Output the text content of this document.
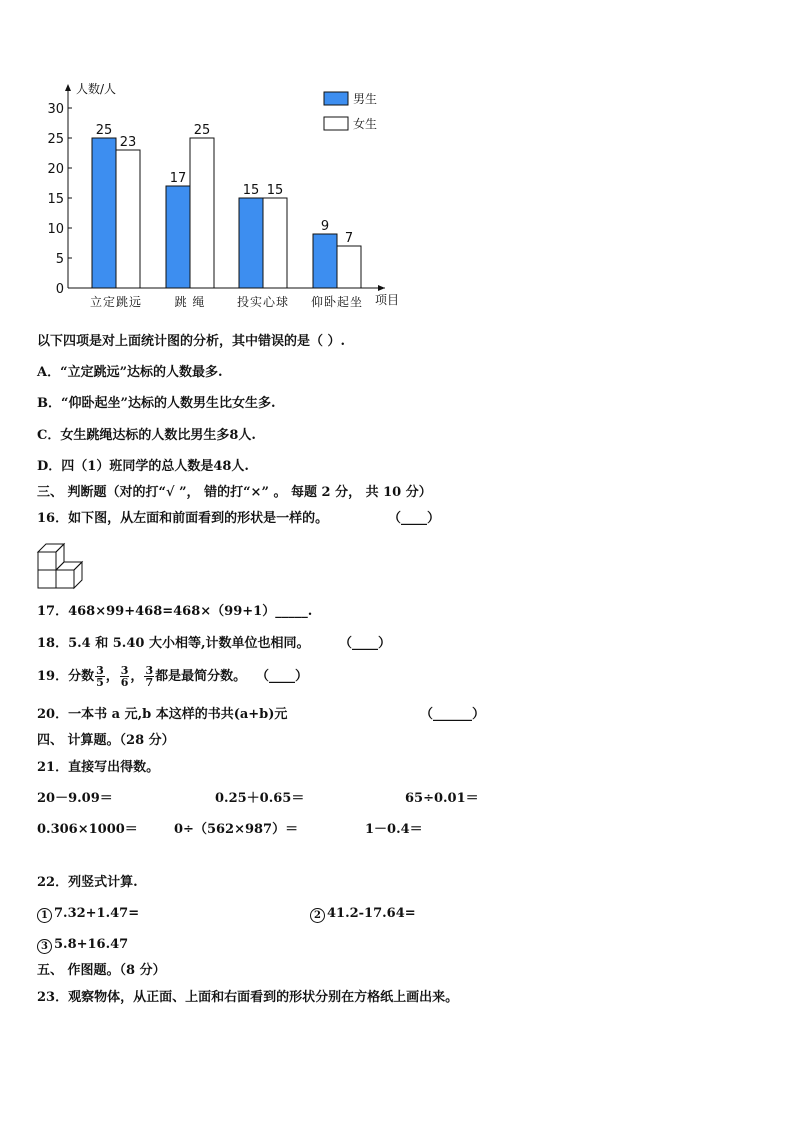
0
5
10
15
20
25
30
人数/人
项目
25
23
立定跳远
17
25
跳 绳
15 15
投实心球
9
7
仰卧起坐
男生
女生
以下四项是对上面统计图的分析，其中错误的是（ ）.
A．“立定跳远”达标的人数最多.
B．“仰卧起坐”达标的人数男生比女生多.
C．女生跳绳达标的人数比男生多8人.
D．四（1）班同学的总人数是48人.
三、 判断题（对的打“√ ”， 错的打“×” 。 每题 2 分， 共 10 分）
16．如下图，从左面和前面看到的形状是一样的。	（____）
17．468×99+468=468×（99+1）_____.
18．5.4 和 5.40 大小相等,计数单位也相同。 （____）
19．分数 $\frac{3}{5}$ ， $\frac{3}{6}$ ， $\frac{3}{7}$ 都是最简分数。 （____）
20．一本书 a 元,b 本这样的书共(a+b)元	（______）
四、 计算题。（28 分）
21．直接写出得数。
20－9.09＝	0.25＋0.65＝	65÷0.01＝
0.306×1000＝	0÷（562×987）＝	1－0.4＝
22．列竖式计算.
1 7.32+1.47=	2 41.2-17.64=
3 5.8+16.47
五、 作图题。（8 分）
23．观察物体，从正面、上面和右面看到的形状分别在方格纸上画出来。
